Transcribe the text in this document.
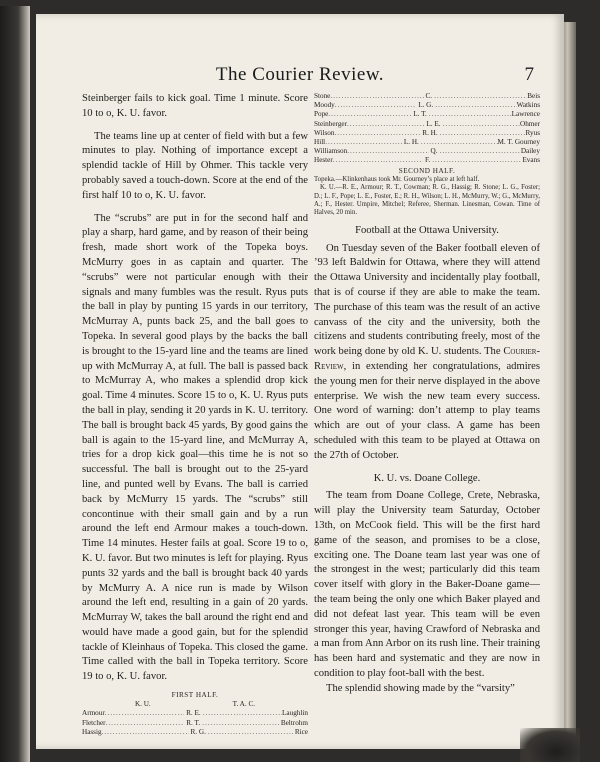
The Courier Review.	7

Steinberger fails to kick goal. Time 1 minute. Score 10 to o, K. U. favor.

The teams line up at center of field with but a few minutes to play. Nothing of importance except a splendid tackle of Hill by Ohmer. This tackle very probably saved a touch-down. Score at the end of the first half 10 to o, K. U. favor.

The “scrubs” are put in for the second half and play a sharp, hard game, and by reason of their being fresh, made short work of the Topeka boys. McMurry goes in as captain and quarter. The “scrubs” were not particular enough with their signals and many fumbles was the result. Ryus puts the ball in play by punting 15 yards in our territory, McMurray A, punts back 25, and the ball goes to Topeka. In several good plays by the backs the ball is brought to the 15-yard line and the teams are lined up with McMurray A, at full. The ball is passed back to McMurray A, who makes a splendid drop kick goal. Time 4 minutes. Score 15 to o, K. U. Ryus puts the ball in play, sending it 20 yards in K. U. territory. The ball is brought back 45 yards, By good gains the ball is again to the 15-yard line, and McMurray A, tries for a drop kick goal—this time he is not so successful. The ball is brought out to the 25-yard line, and punted well by Evans. The ball is carried back by McMurry 15 yards. The “scrubs” still concontinue with their small gain and by a run around the left end Armour makes a touch-down. Time 14 minutes. Hester fails at goal. Score 19 to o, K. U. favor. But two minutes is left for playing. Ryus punts 32 yards and the ball is brought back 40 yards by McMurry A. A nice run is made by Wilson around the left end, resulting in a gain of 20 yards. McMurray W, takes the ball around the right end and would have made a good gain, but for the splendid tackle of Kleinhaus of Topeka. This closed the game. Time called with the ball in Topeka territory. Score 19 to o, K. U. favor.

FIRST HALF.
K. U.	T. A. C.
Armour .....	R. E. .....	Laughlin
Fletcher .....	R. T. .....	Beltrohm
Hassig .....	R. G. .....	Rice
Stone .....	C. .....	Beis
Moody .....	L. G. .....	Watkins
Pope .....	L. T. .....	Lawrence
Steinberger .....	L. E. .....	Ohmer
Wilson .....	R. H. .....	Ryus
Hill .....	L. H. .....	M. T. Gourney
Williamson .....	Q. .....	Dailey
Hester .....	F. .....	Evans
SECOND HALF.
Topeka.—Klinkenhaus took Mr. Gourney’s place at left half.
K. U.—R. E., Armour; R. T., Cowman; R. G., Hassig; R. Stone; L. G., Foster; D.; L. F., Pope; L. E., Foster, E.; R. H., Wilson; L. H., McMurry, W.; G., McMurry, A.; F., Hester. Umpire, Mitchel; Referee, Sherman. Linesman, Cowan. Time of Halves, 20 min.
Football at the Ottawa University.

On Tuesday seven of the Baker football eleven of ’93 left Baldwin for Ottawa, where they will attend the Ottawa University and incidentally play football, that is of course if they are able to make the team. The purchase of this team was the result of an active canvass of the city and the university, both the citizens and students contributing freely, most of the work being done by old K. U. students. The Courier-Review, in extending her congratulations, admires the young men for their nerve displayed in the above enterprise. We wish the new team every success. One word of warning: don’t attemp to play teams which are out of your class. A game has been scheduled with this team to be played at Ottawa on the 27th of October.

K. U. vs. Doane College.

The team from Doane College, Crete, Nebraska, will play the University team Saturday, October 13th, on McCook field. This will be the first hard game of the season, and promises to be a close, exciting one. The Doane team last year was one of the strongest in the west; particularly did this team cover itself with glory in the Baker-Doane game—the team being the only one which Baker played and did not defeat last year. This team will be even stronger this year, having Crawford of Nebraska and a man from Ann Arbor on its rush line. Their training has been hard and systematic and they are now in condition to play foot-ball with the best.

The splendid showing made by the “varsity”
